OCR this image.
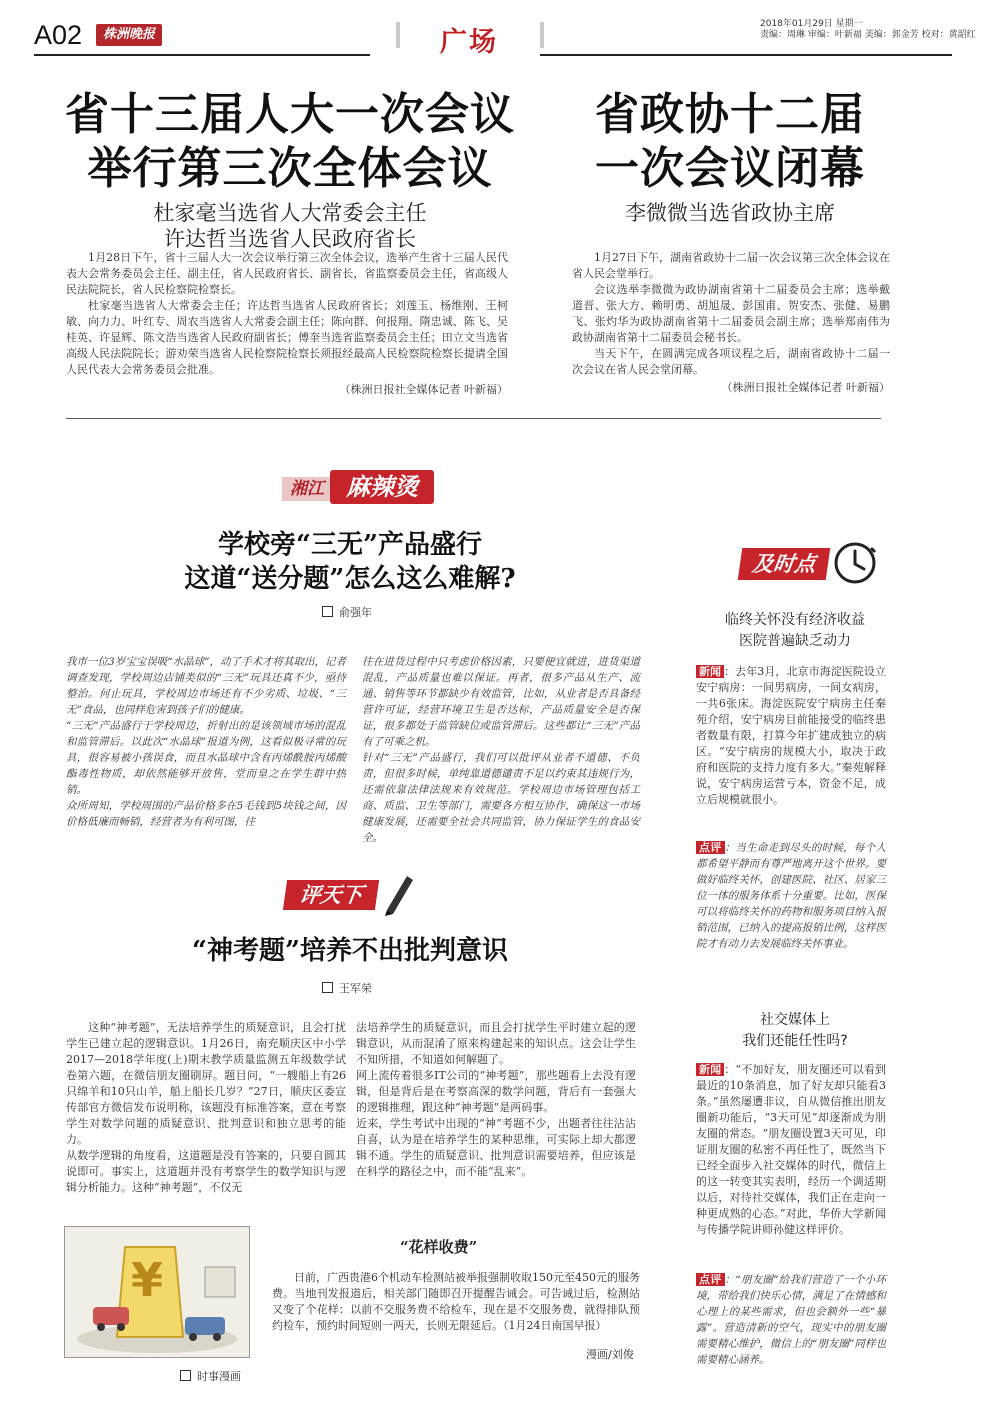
A02	株洲晚报	广场
2018年01月29日 星期一
责编：周琳 审编：叶新福 美编：郭金芳 校对：黄韶红
省十三届人大一次会议
举行第三次全体会议
杜家毫当选省人大常委会主任
许达哲当选省人民政府省长

1月28日下午，省十三届人大一次会议举行第三次全体会议，选举产生省十三届人民代表大会常务委员会主任、副主任，省人民政府省长、副省长，省监察委员会主任，省高级人民法院院长，省人民检察院检察长。

杜家毫当选省人大常委会主任；许达哲当选省人民政府省长；刘莲玉、杨维刚、王柯敏、向力力、叶红专、周农当选省人大常委会副主任；陈向群、何报翔、隋忠诚、陈飞、吴桂英、许显辉、陈文浩当选省人民政府副省长；傅奎当选省监察委员会主任；田立文当选省高级人民法院院长；游劝荣当选省人民检察院检察长须报经最高人民检察院检察长提请全国人民代表大会常务委员会批准。

（株洲日报社全媒体记者 叶新福）
省政协十二届
一次会议闭幕
李微微当选省政协主席

1月27日下午，湖南省政协十二届一次会议第三次全体会议在省人民会堂举行。

会议选举李微微为政协湖南省第十二届委员会主席；选举戴道晋、张大方、赖明勇、胡旭晟、彭国甫、贺安杰、张健、易鹏飞、张灼华为政协湖南省第十二届委员会副主席；选举郑南伟为政协湖南省第十二届委员会秘书长。

当天下午，在圆满完成各项议程之后，湖南省政协十二届一次会议在省人民会堂闭幕。

（株洲日报社全媒体记者 叶新福）
湘江 麻辣烫
学校旁“三无”产品盛行
这道“送分题”怎么这么难解?
俞强年
我市一位3岁宝宝误吸“水晶球”，动了手术才将其取出，记者调查发现，学校周边店铺类似的“三无”玩具还真不少，亟待整治。何止玩具，学校周边市场还有不少劣质、垃圾、“三无”食品，也同样危害到孩子们的健康。
“三无”产品盛行于学校周边，折射出的是该领域市场的混乱和监管滞后。以此次“水晶球”报道为例，这看似极寻常的玩具，很容易被小孩误食，而且水晶球中含有丙烯酰胺丙烯酸酯毒性物质，却依然能够开放售，堂而皇之在学生群中热销。
众所周知，学校周围的产品价格多在5毛钱到5块钱之间，因价格低廉而畅销，经营者为有利可图，往
往在进货过程中只考虑价格因素，只要便宜就进，进货渠道混乱，产品质量也难以保证。再者，很多产品从生产、流通、销售等环节都缺少有效监管，比如，从业者是否具备经营许可证，经营环境卫生是否达标，产品质量安全是否保证，很多都处于监管缺位或监管滞后。这些都让“三无”产品有了可乘之机。
针对“三无”产品盛行，我们可以批评从业者不道德、不负责，但很多时候，单纯靠道德谴责不足以约束其违规行为，还需依靠法律法规来有效规范。学校周边市场管理包括工商、质监、卫生等部门，需要各方相互协作，确保这一市场健康发展，还需要全社会共同监管，协力保证学生的食品安全。
评天下
“神考题”培养不出批判意识
王军荣
这种“神考题”，无法培养学生的质疑意识，且会打扰学生已建立起的逻辑意识。1月26日，南充顺庆区中小学2017—2018学年度(上)期末教学质量监测五年级数学试卷第六题，在微信朋友圈刷屏。题目问，“一艘船上有26只绵羊和10只山羊，船上船长几岁？”27日，顺庆区委宣传部官方微信发布说明称，该题没有标准答案，意在考察学生对数学问题的质疑意识、批判意识和独立思考的能力。
从数学逻辑的角度看，这道题是没有答案的，只要自圆其说即可。事实上，这道题并没有考察学生的数学知识与逻辑分析能力。这种“神考题”，不仅无
法培养学生的质疑意识，而且会打扰学生平时建立起的逻辑意识，从而混淆了原来构建起来的知识点。这会让学生不知所措，不知道如何解题了。
网上流传着很多IT公司的“神考题”，那些题看上去没有逻辑，但是背后是在考察高深的数学问题，背后有一套强大的逻辑推理，跟这种“神考题”是两码事。
近来，学生考试中出现的“神”考题不少，出题者往往沾沾自喜，认为是在培养学生的某种思维，可实际上却大都逻辑不通。学生的质疑意识、批判意识需要培养，但应该是在科学的路径之中，而不能“乱来”。
¥
“花样收费”
日前，广西贵港6个机动车检测站被举报强制收取150元至450元的服务费。当地刊发报道后，相关部门随即召开提醒告诫会。可告诫过后，检测站又变了个花样：以前不交服务费不给检车，现在是不交服务费，就得排队预约检车，预约时间短则一两天，长则无限延后。（1月24日南国早报）
漫画/刘俊
时事漫画
及时点
临终关怀没有经济收益
医院普遍缺乏动力
新闻 ：去年3月，北京市海淀医院设立安宁病房：一间男病房，一间女病房，一共6张床。海淀医院安宁病房主任秦苑介绍，安宁病房目前能接受的临终患者数量有限，打算今年扩建成独立的病区。“安宁病房的规模大小，取决于政府和医院的支持力度有多大。”秦苑解释说，安宁病房运营亏本，资金不足，成立后规模就很小。
点评 ：当生命走到尽头的时候，每个人都希望平静而有尊严地离开这个世界。要做好临终关怀，创建医院、社区、居家三位一体的服务体系十分重要。比如，医保可以将临终关怀的药物和服务项目纳入报销范围，已纳入的提高报销比例，这样医院才有动力去发展临终关怀事业。
社交媒体上
我们还能任性吗?
新闻 ：“不加好友，朋友圈还可以看到最近的10条消息，加了好友却只能看3条。”虽然屡遭非议，自从微信推出朋友圈新功能后，“3天可见”却逐渐成为朋友圈的常态。“朋友圈设置3天可见，印证朋友圈的私密不再任性了，既然当下已经全面步入社交媒体的时代，微信上的这一转变其实表明，经历一个调适期以后，对待社交媒体，我们正在走向一种更成熟的心态。”对此，华侨大学新闻与传播学院讲师孙健这样评价。
点评 ：“朋友圈”给我们营造了一个小环境，带给我们快乐心情，满足了在情感和心理上的某些需求，但也会额外一些“暴露”。营造清新的空气，现实中的朋友圈需要精心维护，微信上的“朋友圈”同样也需要精心涵养。
